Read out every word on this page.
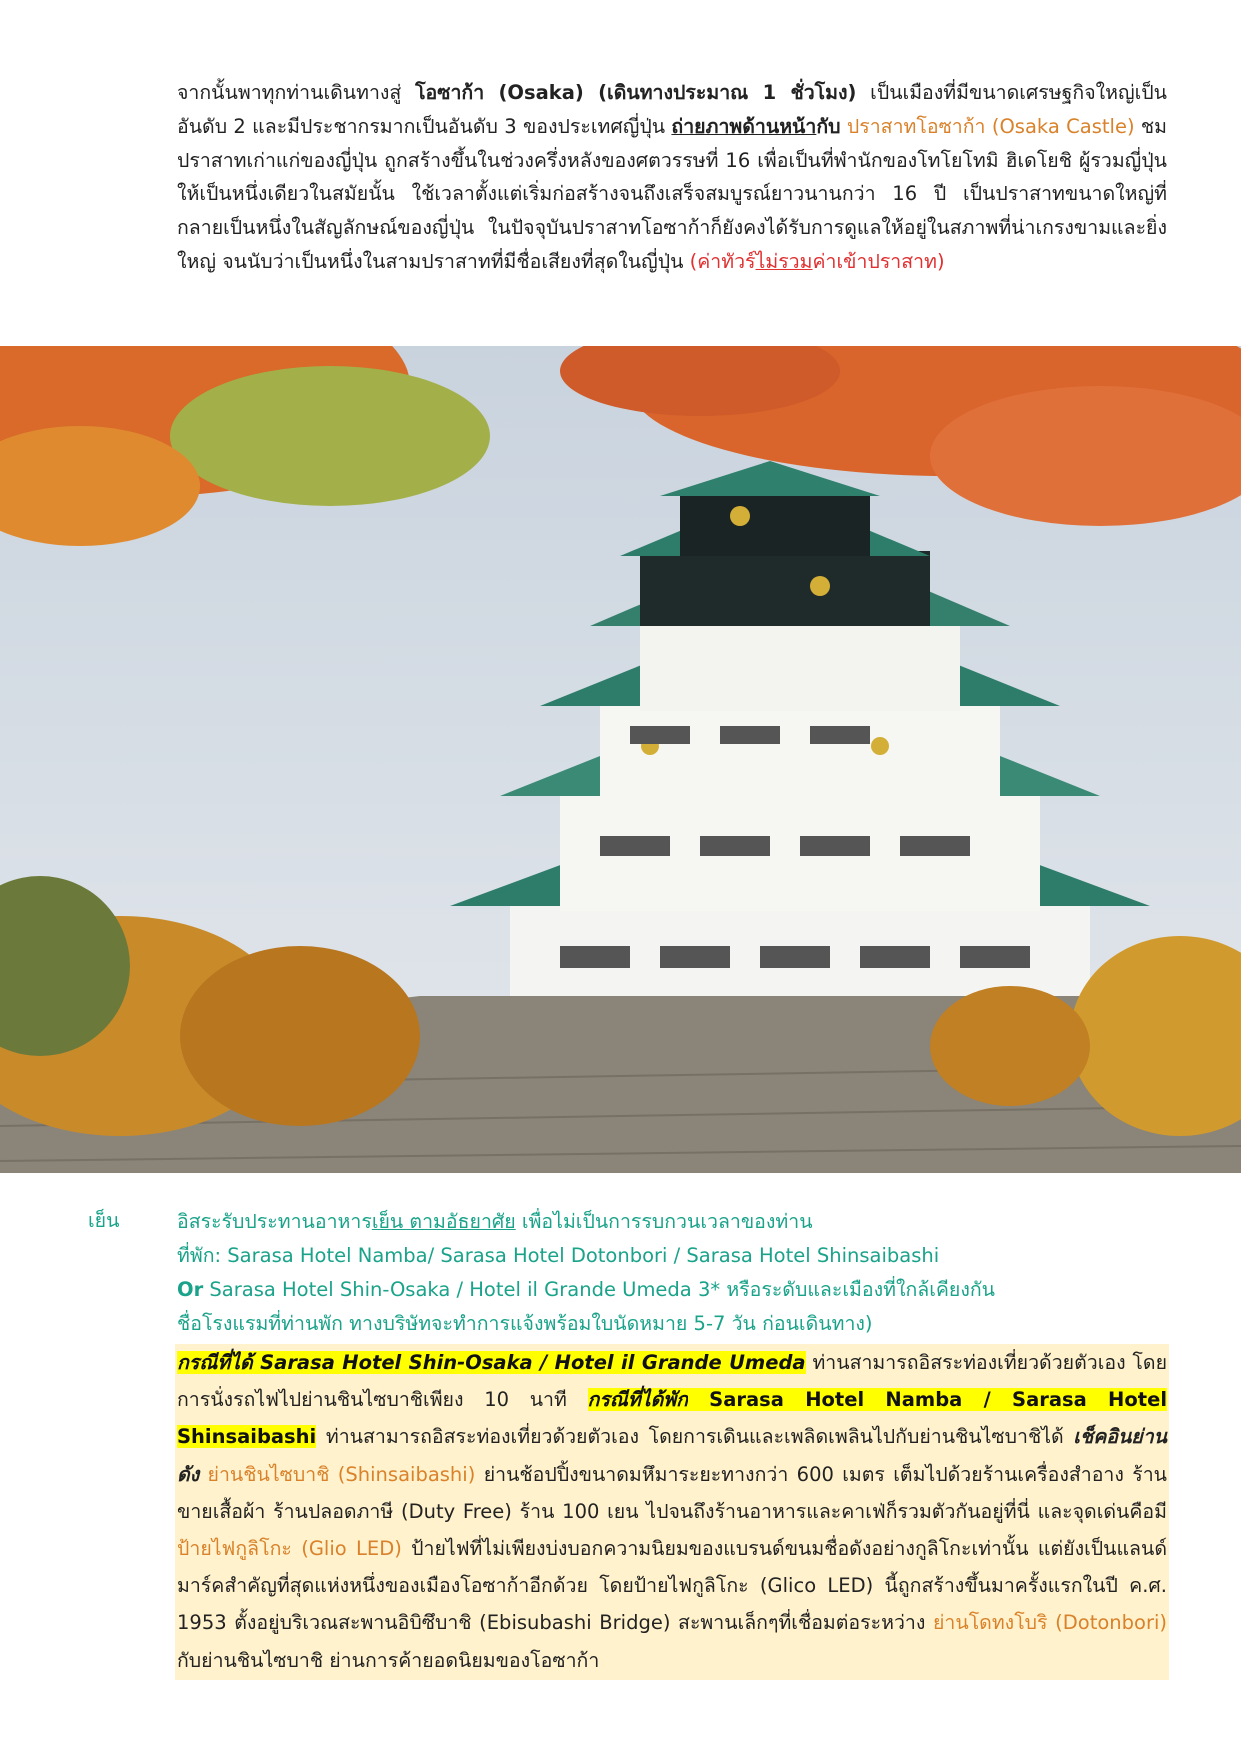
จากนั้นพาทุกท่านเดินทางสู่ โอซาก้า (Osaka) (เดินทางประมาณ 1 ชั่วโมง) เป็นเมืองที่มีขนาดเศรษฐกิจใหญ่เป็นอันดับ 2 และมีประชากรมากเป็นอันดับ 3 ของประเทศญี่ปุ่น ถ่ายภาพด้านหน้ากับ ปราสาทโอซาก้า (Osaka Castle) ชมปราสาทเก่าแก่ของญี่ปุ่น ถูกสร้างขึ้นในช่วงครึ่งหลังของศตวรรษที่ 16 เพื่อเป็นที่พำนักของโทโยโทมิ ฮิเดโยชิ ผู้รวมญี่ปุ่นให้เป็นหนึ่งเดียวในสมัยนั้น ใช้เวลาตั้งแต่เริ่มก่อสร้างจนถึงเสร็จสมบูรณ์ยาวนานกว่า 16 ปี เป็นปราสาทขนาดใหญ่ที่กลายเป็นหนึ่งในสัญลักษณ์ของญี่ปุ่น ในปัจจุบันปราสาทโอซาก้าก็ยังคงได้รับการดูแลให้อยู่ในสภาพที่น่าเกรงขามและยิ่งใหญ่ จนนับว่าเป็นหนึ่งในสามปราสาทที่มีชื่อเสียงที่สุดในญี่ปุ่น (ค่าทัวร์ไม่รวมค่าเข้าปราสาท)
เย็น	อิสระรับประทานอาหารเย็น ตามอัธยาศัย เพื่อไม่เป็นการรบกวนเวลาของท่าน
ที่พัก: Sarasa Hotel Namba/ Sarasa Hotel Dotonbori / Sarasa Hotel Shinsaibashi
Or Sarasa Hotel Shin-Osaka / Hotel il Grande Umeda 3* หรือระดับและเมืองที่ใกล้เคียงกัน
ชื่อโรงแรมที่ท่านพัก ทางบริษัทจะทำการแจ้งพร้อมใบนัดหมาย 5-7 วัน ก่อนเดินทาง)
กรณีที่ได้ Sarasa Hotel Shin-Osaka / Hotel il Grande Umeda ท่านสามารถอิสระท่องเที่ยวด้วยตัวเอง โดยการนั่งรถไฟไปย่านชินไซบาชิเพียง 10 นาที กรณีที่ได้พัก Sarasa Hotel Namba / Sarasa Hotel Shinsaibashi ท่านสามารถอิสระท่องเที่ยวด้วยตัวเอง โดยการเดินและเพลิดเพลินไปกับย่านชินไซบาชิได้ เช็คอินย่านดัง ย่านชินไซบาชิ (Shinsaibashi) ย่านช้อปปิ้งขนาดมหึมาระยะทางกว่า 600 เมตร เต็มไปด้วยร้านเครื่องสำอาง ร้านขายเสื้อผ้า ร้านปลอดภาษี (Duty Free) ร้าน 100 เยน ไปจนถึงร้านอาหารและคาเฟ่ก็รวมตัวกันอยู่ที่นี่ และจุดเด่นคือมี ป้ายไฟกูลิโกะ (Glio LED) ป้ายไฟที่ไม่เพียงบ่งบอกความนิยมของแบรนด์ขนมชื่อดังอย่างกูลิโกะเท่านั้น แต่ยังเป็นแลนด์มาร์คสำคัญที่สุดแห่งหนึ่งของเมืองโอซาก้าอีกด้วย โดยป้ายไฟกูลิโกะ (Glico LED) นี้ถูกสร้างขึ้นมาครั้งแรกในปี ค.ศ. 1953 ตั้งอยู่บริเวณสะพานอิบิซึบาชิ (Ebisubashi Bridge) สะพานเล็กๆที่เชื่อมต่อระหว่าง ย่านโดทงโบริ (Dotonbori) กับย่านชินไซบาชิ ย่านการค้ายอดนิยมของโอซาก้า
